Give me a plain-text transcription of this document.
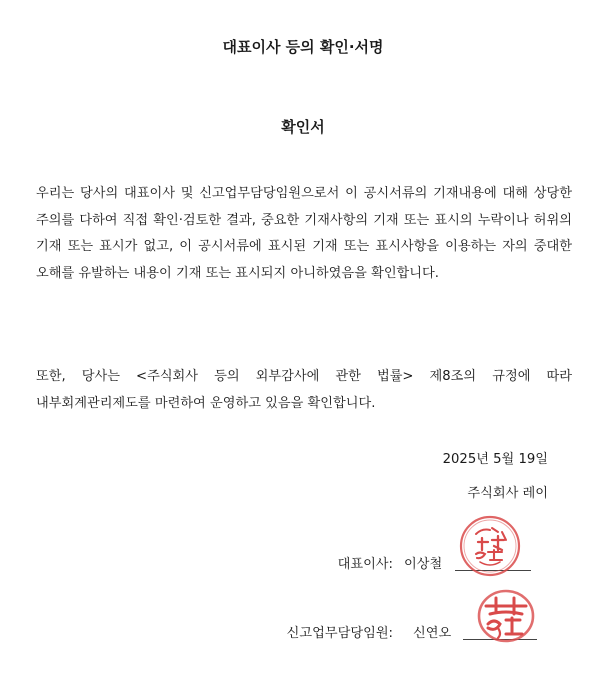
대표이사 등의 확인·서명
확인서

우리는 당사의 대표이사 및 신고업무담당임원으로서 이 공시서류의 기재내용에 대해 상당한 주의를 다하여 직접 확인·검토한 결과, 중요한 기재사항의 기재 또는 표시의 누락이나 허위의 기재 또는 표시가 없고, 이 공시서류에 표시된 기재 또는 표시사항을 이용하는 자의 중대한 오해를 유발하는 내용이 기재 또는 표시되지 아니하였음을 확인합니다.

또한, 당사는 <주식회사 등의 외부감사에 관한 법률> 제8조의 규정에 따라 내부회계관리제도를 마련하여 운영하고 있음을 확인합니다.

2025년 5월 19일
주식회사 레이
대표이사: 이상철
신고업무담당임원: 신연오
